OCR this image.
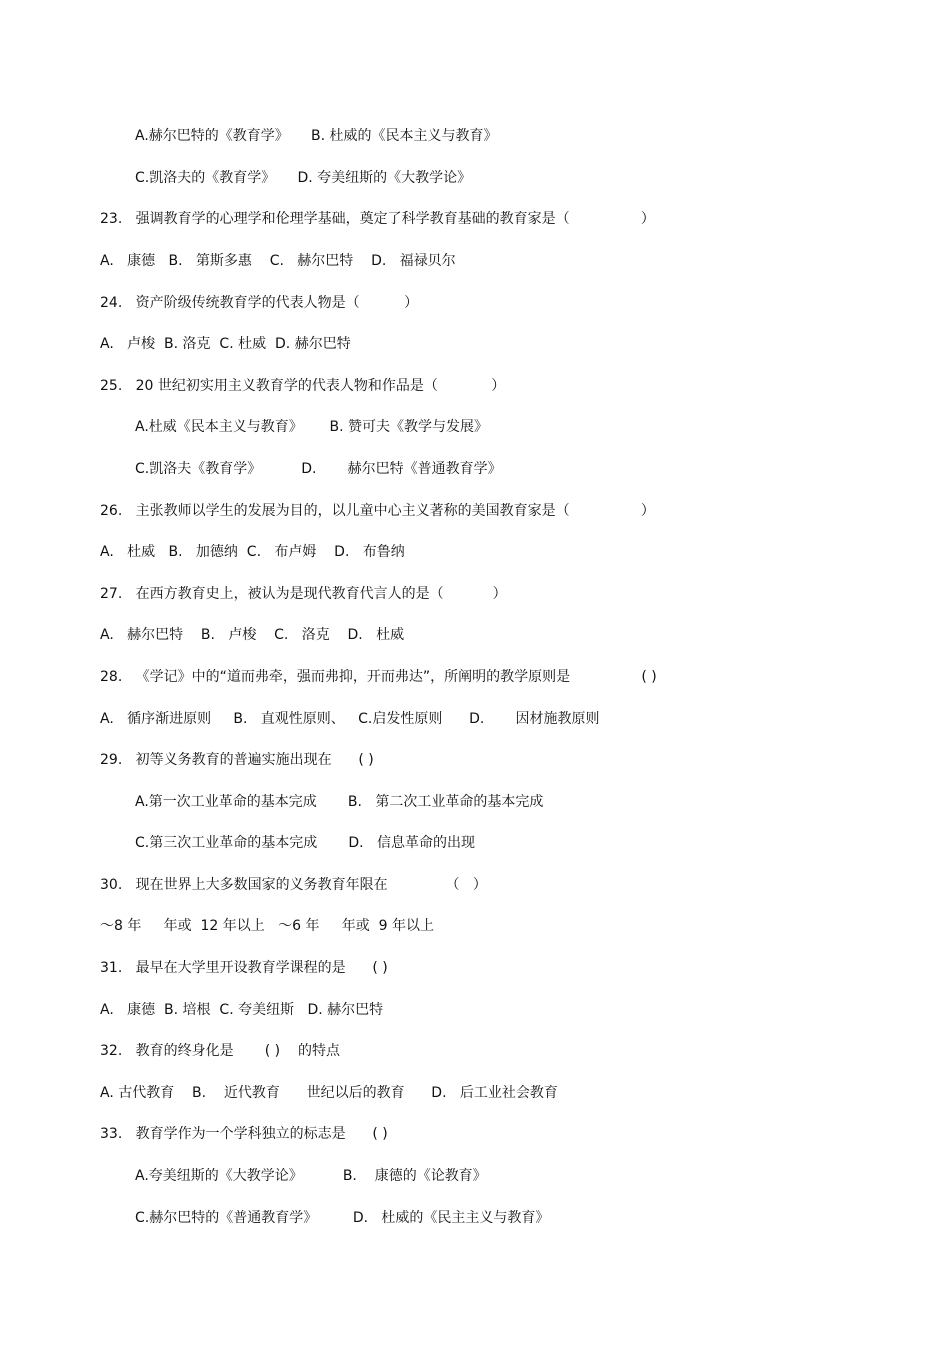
A.赫尔巴特的《教育学》     B. 杜威的《民本主义与教育》
C.凯洛夫的《教育学》     D. 夸美纽斯的《大教学论》
23.   强调教育学的心理学和伦理学基础，奠定了科学教育基础的教育家是（                ）
A.   康德   B.   第斯多惠    C.   赫尔巴特    D.   福禄贝尔
24.   资产阶级传统教育学的代表人物是（          ）
A.   卢梭  B. 洛克  C. 杜威  D. 赫尔巴特
25.   20 世纪初实用主义教育学的代表人物和作品是（            ）
A.杜威《民本主义与教育》      B. 赞可夫《教学与发展》
C.凯洛夫《教育学》         D.       赫尔巴特《普通教育学》
26.   主张教师以学生的发展为目的，以儿童中心主义著称的美国教育家是（                ）
A.   杜威   B.   加德纳  C.   布卢姆    D.   布鲁纳
27.   在西方教育史上，被认为是现代教育代言人的是（           ）
A.   赫尔巴特    B.   卢梭    C.   洛克    D.   杜威
28.   《学记》中的“道而弗牵，强而弗抑，开而弗达”，所阐明的教学原则是                ( )
A.   循序渐进原则     B.   直观性原则、   C.启发性原则      D.       因材施教原则
29.   初等义务教育的普遍实施出现在      ( )
A.第一次工业革命的基本完成       B.   第二次工业革命的基本完成
C.第三次工业革命的基本完成       D.   信息革命的出现
30.   现在世界上大多数国家的义务教育年限在             （   ）
～8 年     年或  12 年以上   ～6 年     年或  9 年以上
31.   最早在大学里开设教育学课程的是      ( )
A.   康德  B. 培根  C. 夸美纽斯   D. 赫尔巴特
32.   教育的终身化是       ( )    的特点
A. 古代教育    B.    近代教育      世纪以后的教育      D.   后工业社会教育
33.   教育学作为一个学科独立的标志是      ( )
A.夸美纽斯的《大教学论》         B.    康德的《论教育》
C.赫尔巴特的《普通教育学》        D.   杜威的《民主主义与教育》
